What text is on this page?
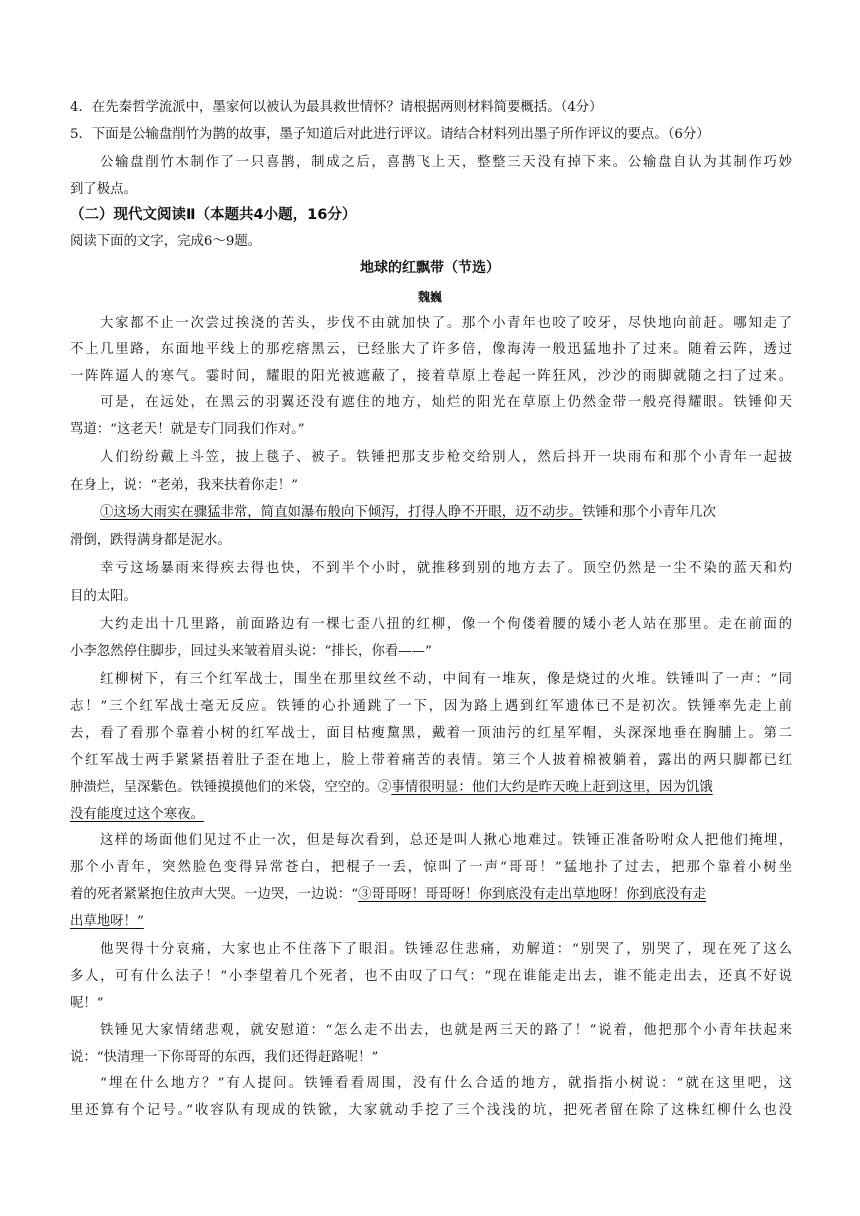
4．在先秦哲学流派中，墨家何以被认为最具救世情怀？请根据两则材料简要概括。（4分）
5．下面是公输盘削竹为鹊的故事，墨子知道后对此进行评议。请结合材料列出墨子所作评议的要点。（6分）
公输盘削竹木制作了一只喜鹊，制成之后，喜鹊飞上天，整整三天没有掉下来。公输盘自认为其制作巧妙
到了极点。
（二）现代文阅读Ⅱ（本题共4小题，16分）
阅读下面的文字，完成6～9题。
地球的红飘带（节选）
魏巍
大家都不止一次尝过挨浇的苦头，步伐不由就加快了。那个小青年也咬了咬牙，尽快地向前赶。哪知走了
不上几里路，东面地平线上的那疙瘩黑云，已经胀大了许多倍，像海涛一般迅猛地扑了过来。随着云阵，透过
一阵阵逼人的寒气。霎时间，耀眼的阳光被遮蔽了，接着草原上卷起一阵狂风，沙沙的雨脚就随之扫了过来。
可是，在远处，在黑云的羽翼还没有遮住的地方，灿烂的阳光在草原上仍然金带一般亮得耀眼。铁锤仰天
骂道：“这老天！就是专门同我们作对。”
人们纷纷戴上斗笠，披上毯子、被子。铁锤把那支步枪交给别人，然后抖开一块雨布和那个小青年一起披
在身上，说：“老弟，我来扶着你走！”
①这场大雨实在骤猛非常，简直如瀑布般向下倾泻，打得人睁不开眼，迈不动步。铁锤和那个小青年几次
滑倒，跌得满身都是泥水。
幸亏这场暴雨来得疾去得也快，不到半个小时，就推移到别的地方去了。顶空仍然是一尘不染的蓝天和灼
目的太阳。
大约走出十几里路，前面路边有一棵七歪八扭的红柳，像一个佝偻着腰的矮小老人站在那里。走在前面的
小李忽然停住脚步，回过头来皱着眉头说：“排长，你看——”
红柳树下，有三个红军战士，围坐在那里纹丝不动，中间有一堆灰，像是烧过的火堆。铁锤叫了一声：“同
志！”三个红军战士毫无反应。铁锤的心扑通跳了一下，因为路上遇到红军遗体已不是初次。铁锤率先走上前
去，看了看那个靠着小树的红军战士，面目枯瘦黧黑，戴着一顶油污的红星军帽，头深深地垂在胸脯上。第二
个红军战士两手紧紧捂着肚子歪在地上，脸上带着痛苦的表情。第三个人披着棉被躺着，露出的两只脚都已红
肿溃烂，呈深紫色。铁锤摸摸他们的米袋，空空的。②事情很明显：他们大约是昨天晚上赶到这里，因为饥饿
没有能度过这个寒夜。
这样的场面他们见过不止一次，但是每次看到，总还是叫人揪心地难过。铁锤正准备吩咐众人把他们掩埋，
那个小青年，突然脸色变得异常苍白，把棍子一丢，惊叫了一声“哥哥！”猛地扑了过去，把那个靠着小树坐
着的死者紧紧抱住放声大哭。一边哭，一边说：“③哥哥呀！哥哥呀！你到底没有走出草地呀！你到底没有走
出草地呀！”
他哭得十分哀痛，大家也止不住落下了眼泪。铁锤忍住悲痛，劝解道：“别哭了，别哭了，现在死了这么
多人，可有什么法子！”小李望着几个死者，也不由叹了口气：“现在谁能走出去，谁不能走出去，还真不好说
呢！”
铁锤见大家情绪悲观，就安慰道：“怎么走不出去，也就是两三天的路了！”说着，他把那个小青年扶起来
说：“快清理一下你哥哥的东西，我们还得赶路呢！”
“埋在什么地方？”有人提问。铁锤看看周围，没有什么合适的地方，就指指小树说：“就在这里吧，这
里还算有个记号。”收容队有现成的铁锨，大家就动手挖了三个浅浅的坑，把死者留在除了这株红柳什么也没
